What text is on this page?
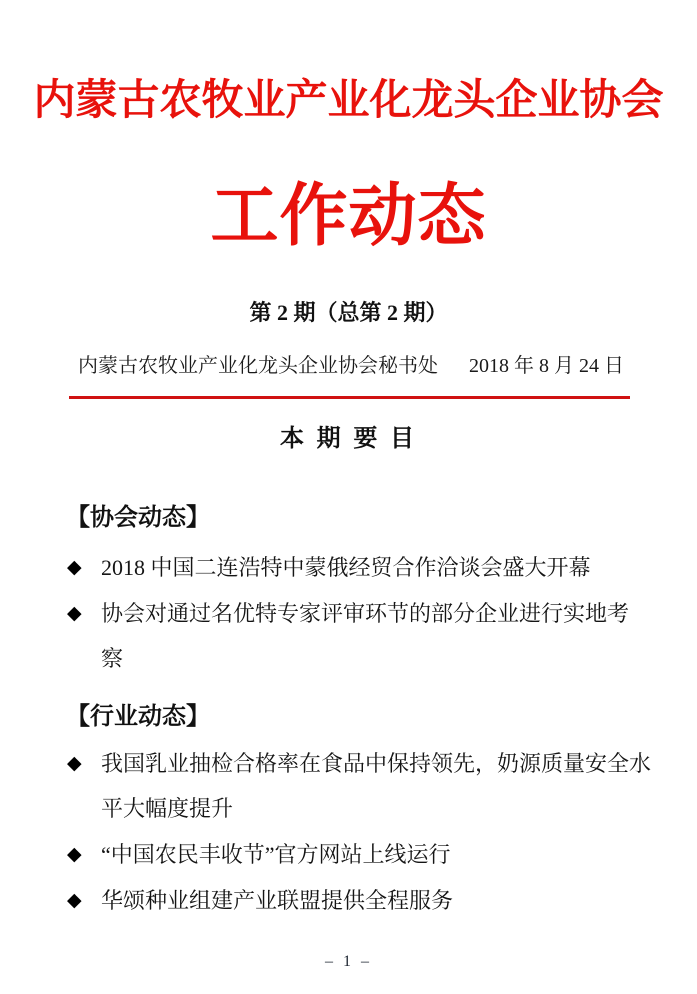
内蒙古农牧业产业化龙头企业协会
工作动态
第 2 期（总第 2 期）
内蒙古农牧业产业化龙头企业协会秘书处 2018 年 8 月 24 日
本 期 要 目
【协会动态】
◆ 2018 中国二连浩特中蒙俄经贸合作洽谈会盛大开幕
◆ 协会对通过名优特专家评审环节的部分企业进行实地考察
【行业动态】
◆ 我国乳业抽检合格率在食品中保持领先，奶源质量安全水平大幅度提升
◆ “中国农民丰收节”官方网站上线运行
◆ 华颂种业组建产业联盟提供全程服务
– 1 –
